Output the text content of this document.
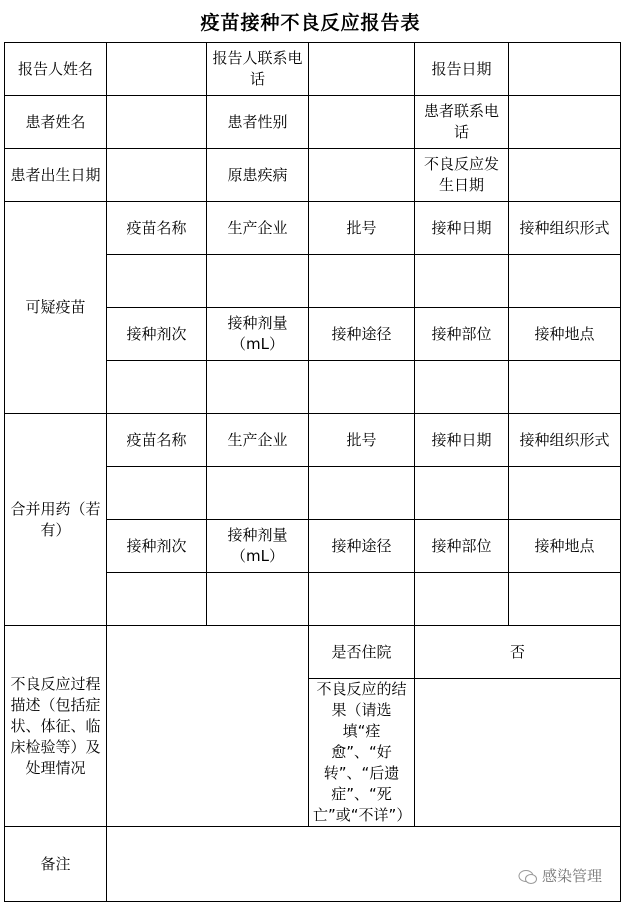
疫苗接种不良反应报告表
报告人姓名		报告人联系电话		报告日期	
患者姓名		患者性别		患者联系电话	
患者出生日期		原患疾病		不良反应发生日期	
可疑疫苗	疫苗名称	生产企业	批号	接种日期	接种组织形式

	接种剂次	接种剂量（mL）	接种途径	接种部位	接种地点

合并用药（若有）	疫苗名称	生产企业	批号	接种日期	接种组织形式

	接种剂次	接种剂量（mL）	接种途径	接种部位	接种地点

不良反应过程描述（包括症状、体征、临床检验等）及处理情况			是否住院	否	
			不良反应的结果（请选填“痊愈”、“好转”、“后遗症”、“死亡”或“不详”）		
备注	感染管理				
